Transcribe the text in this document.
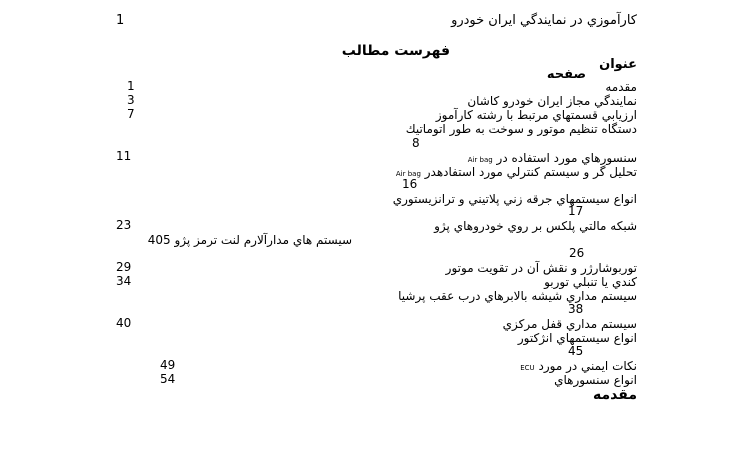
کارآموزي در نمايندگي ايران خودرو
1
فهرست مطالب
عنوان
صفحه
مقدمه
1
نمايندگي مجاز ايران خودرو كاشان
3
ارزيابي قسمتهاي مرتبط با رشته كارآموز
7
دستگاه تنظيم موتور و سوخت به طور اتوماتيك
8
سنسورهاي مورد استفاده در Air bag
11
تحليل گر و سيستم كنترلي مورد استفادهدر Air bag
16
انواع سيستمهاي جرقه زني پلاتيني و ترانزيستوري
17
شبكه مالتي پلكس بر روي خودروهاي پژو
23
سيستم هاي مدارآلارم لنت ترمز پژو 405
26
توربوشارژر و نقش آن در تقويت موتور
29
كندي يا تنبلي توربو
34
سيستم مداري شيشه بالابرهاي درب عقب پرشيا
38
سيستم مداري قفل مركزي
40
انواع سيستمهاي انژكتور
45
نكات ايمني در مورد ECU
49
انواع سنسورهاي
54
مقدمه
